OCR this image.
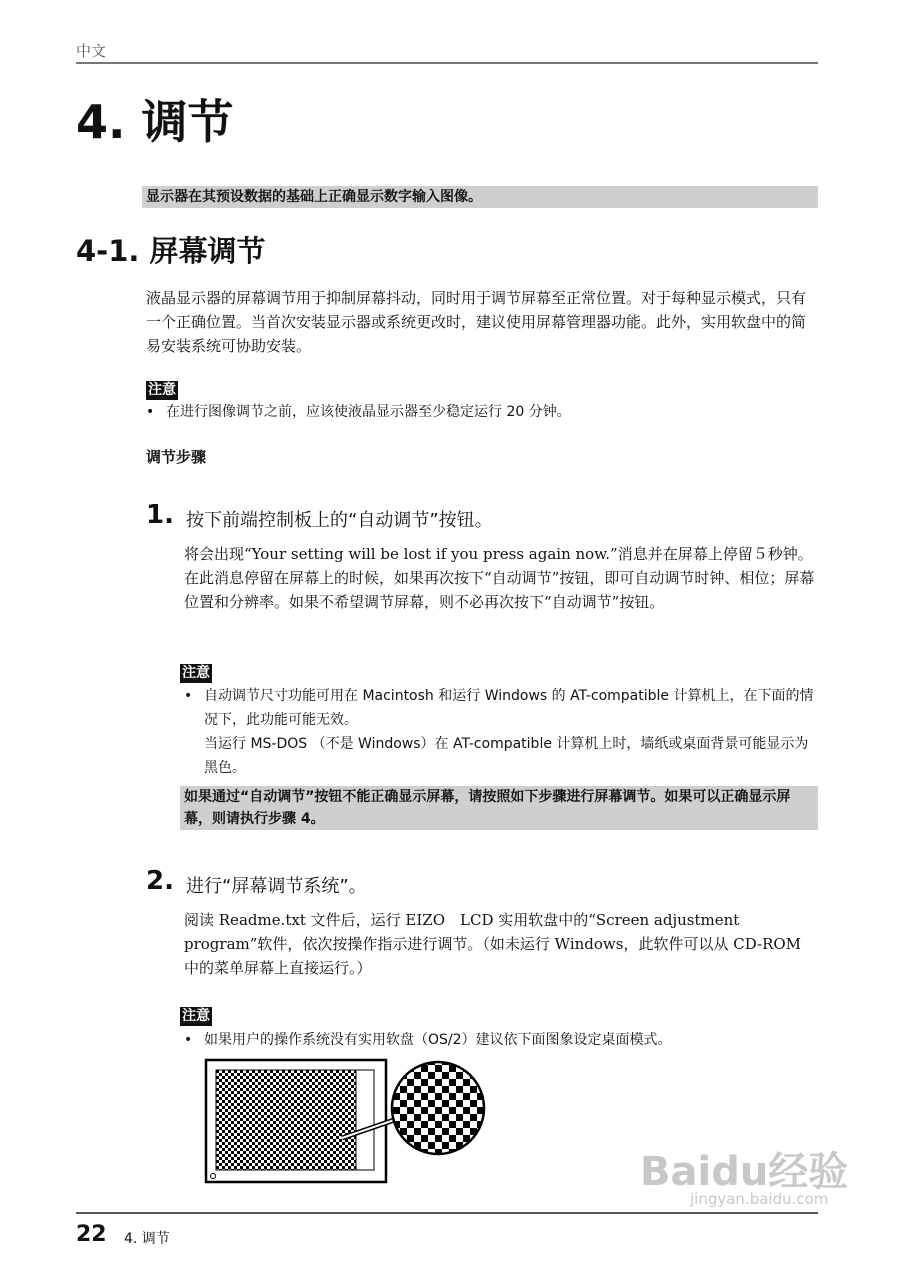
中文
4. 调节
显示器在其预设数据的基础上正确显示数字输入图像。
4-1. 屏幕调节
液晶显示器的屏幕调节用于抑制屏幕抖动，同时用于调节屏幕至正常位置。对于每种显示模式，只有一个正确位置。当首次安装显示器或系统更改时，建议使用屏幕管理器功能。此外，实用软盘中的简易安装系统可协助安装。
注意
• 在进行图像调节之前，应该使液晶显示器至少稳定运行 20 分钟。
调节步骤
1. 按下前端控制板上的“自动调节”按钮。
将会出现“Your setting will be lost if you press again now.”消息并在屏幕上停留５秒钟。在此消息停留在屏幕上的时候，如果再次按下“自动调节”按钮，即可自动调节时钟、相位；屏幕位置和分辨率。如果不希望调节屏幕，则不必再次按下“自动调节”按钮。
注意
• 自动调节尺寸功能可用在 Macintosh 和运行 Windows 的 AT-compatible 计算机上，在下面的情况下，此功能可能无效。
当运行 MS-DOS （不是 Windows）在 AT-compatible 计算机上时，墙纸或桌面背景可能显示为黑色。
如果通过“自动调节”按钮不能正确显示屏幕，请按照如下步骤进行屏幕调节。如果可以正确显示屏幕，则请执行步骤 4。
2. 进行“屏幕调节系统”。
阅读 Readme.txt 文件后，运行 EIZO　LCD 实用软盘中的“Screen adjustment program”软件，依次按操作指示进行调节。（如未运行 Windows，此软件可以从 CD-ROM 中的菜单屏幕上直接运行。）
注意
• 如果用户的操作系统没有实用软盘（OS/2）建议依下面图象设定桌面模式。
Baidu经验
jingyan.baidu.com
22 4. 调节
